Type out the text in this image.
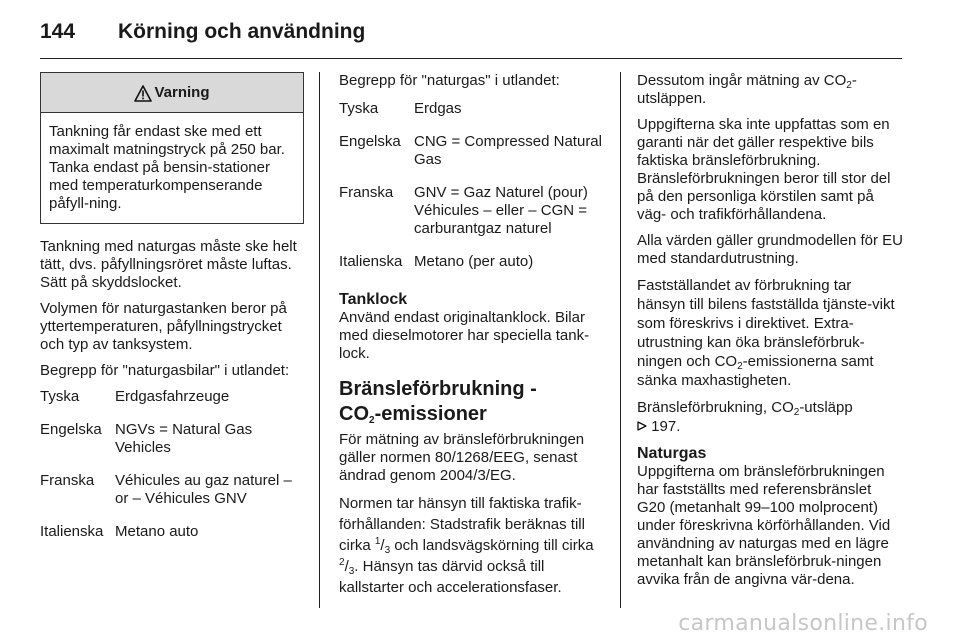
144	Körning och användning
Varning
Tankning får endast ske med ett maximalt matningstryck på 250 bar. Tanka endast på bensin-stationer med temperaturkompenserande påfyll-ning.

Tankning med naturgas måste ske helt tätt, dvs. påfyllningsröret måste luftas. Sätt på skyddslocket.

Volymen för naturgastanken beror på yttertemperaturen, påfyllningstrycket och typ av tanksystem.

Begrepp för "naturgasbilar" i utlandet:

Tyska	Erdgasfahrzeuge
Engelska	NGVs = Natural Gas Vehicles
Franska	Véhicules au gaz naturel – or – Véhicules GNV
Italienska	Metano auto

Begrepp för "naturgas" i utlandet:

Tyska	Erdgas
Engelska	CNG = Compressed Natural Gas
Franska	GNV = Gaz Naturel (pour) Véhicules – eller – CGN = carburantgaz naturel
Italienska	Metano (per auto)
Tanklock

Använd endast originaltanklock. Bilar med dieselmotorer har speciella tank-lock.

Bränsleförbrukning -
$CO_2$-emissioner

För mätning av bränsleförbrukningen gäller normen 80/1268/EEG, senast ändrad genom 2004/3/EG.

Normen tar hänsyn till faktiska trafik-förhållanden: Stadstrafik beräknas till cirka $^1/_3$ och landsvägskörning till cirka $^2/_3$. Hänsyn tas därvid också till kallstarter och accelerationsfaser.

Dessutom ingår mätning av $CO_2$-utsläppen.

Uppgifterna ska inte uppfattas som en garanti när det gäller respektive bils faktiska bränsleförbrukning. Bränsleförbrukningen beror till stor del på den personliga körstilen samt på väg- och trafikförhållandena.

Alla värden gäller grundmodellen för EU med standardutrustning.

Fastställandet av förbrukning tar hänsyn till bilens fastställda tjänste-vikt som föreskrivs i direktivet. Extra-utrustning kan öka bränsleförbruk-ningen och $CO_2$-emissionerna samt sänka maxhastigheten.

Bränsleförbrukning, $CO_2$-utsläpp
197.

Naturgas

Uppgifterna om bränsleförbrukningen har fastställts med referensbränslet G20 (metanhalt 99–100 molprocent) under föreskrivna körförhållanden. Vid användning av naturgas med en lägre metanhalt kan bränsleförbruk-ningen avvika från de angivna vär-dena.

carmanualsonline.info
